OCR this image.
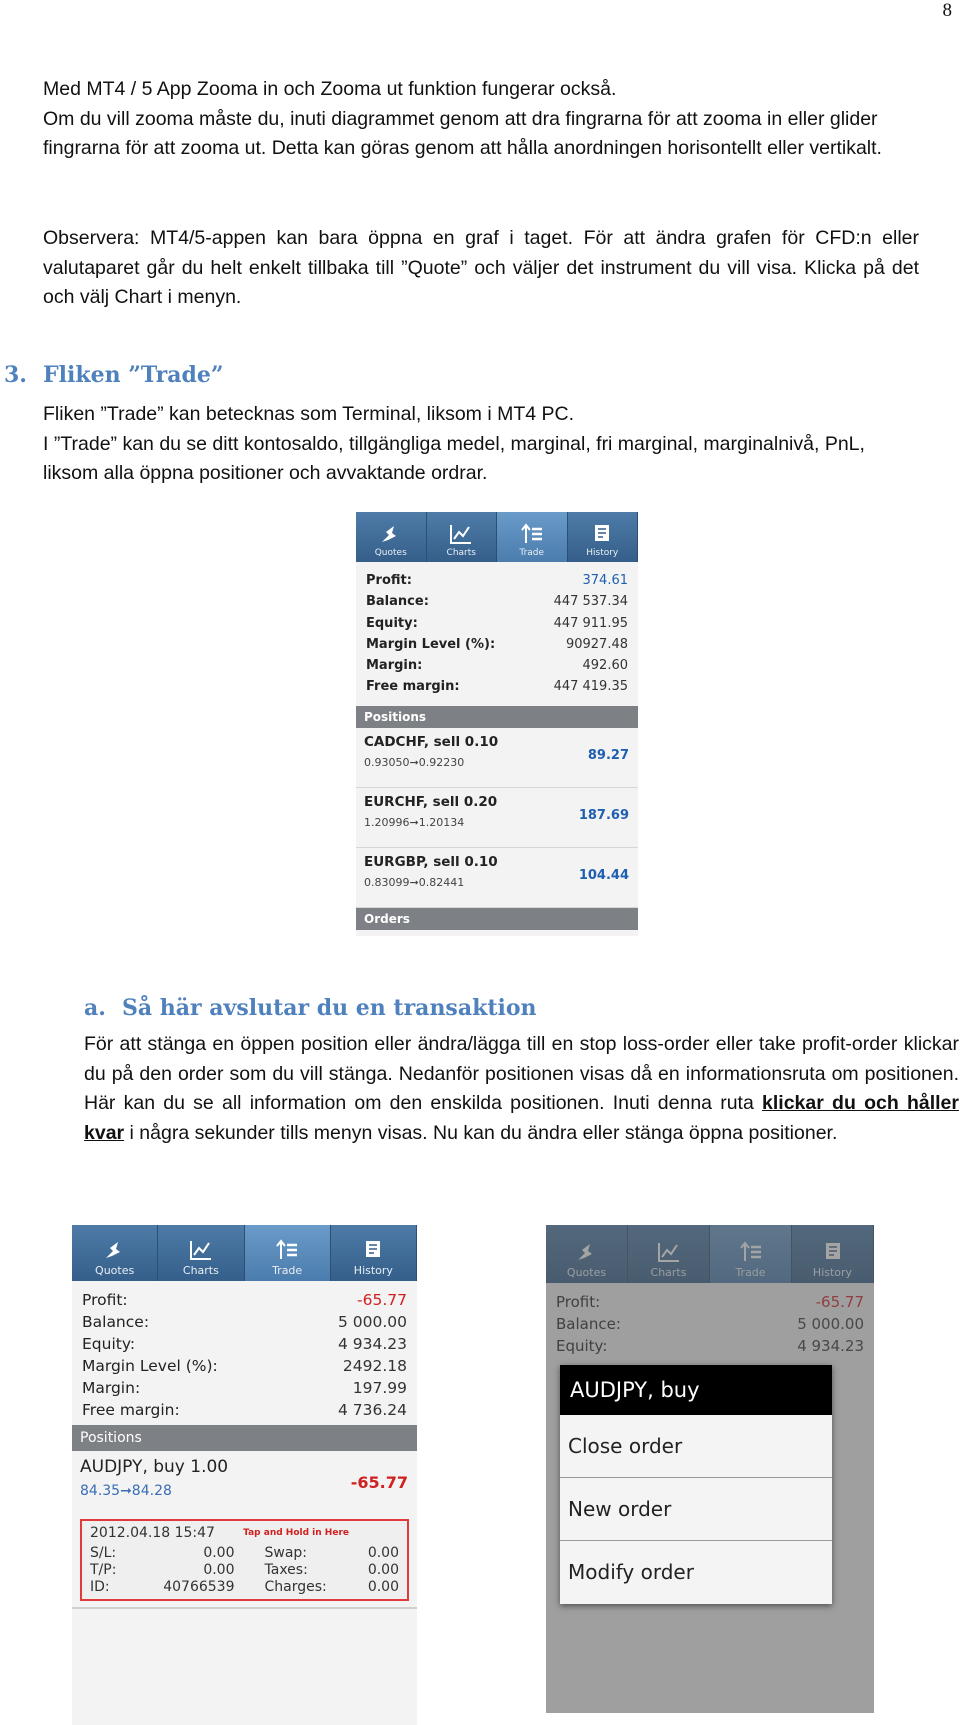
8

Med MT4 / 5 App Zooma in och Zooma ut funktion fungerar också.

Om du vill zooma måste du, inuti diagrammet genom att dra fingrarna för att zooma in eller glider fingrarna för att zooma ut. Detta kan göras genom att hålla anordningen horisontellt eller vertikalt.

Observera: MT4/5-appen kan bara öppna en graf i taget. För att ändra grafen för CFD:n eller valutaparet går du helt enkelt tillbaka till ”Quote” och väljer det instrument du vill visa. Klicka på det och välj Chart i menyn.

3. Fliken ”Trade”

Fliken ”Trade” kan betecknas som Terminal, liksom i MT4 PC.

I ”Trade” kan du se ditt kontosaldo, tillgängliga medel, marginal, fri marginal, marginalnivå, PnL, liksom alla öppna positioner och avvaktande ordrar.

Quotes	Charts	Trade	History
Profit:	374.61
Balance:	447 537.34
Equity:	447 911.95
Margin Level (%):	90927.48
Margin:	492.60
Free margin:	447 419.35
Positions
CADCHF, sell 0.10
0.93050➞0.92230	89.27
EURCHF, sell 0.20
1.20996➞1.20134	187.69
EURGBP, sell 0.10
0.83099➞0.82441	104.44
Orders
a. Så här avslutar du en transaktion

För att stänga en öppen position eller ändra/lägga till en stop loss-order eller take profit-order klickar du på den order som du vill stänga. Nedanför positionen visas då en informationsruta om positionen. Här kan du se all information om den enskilda positionen. Inuti denna ruta klickar du och håller kvar i några sekunder tills menyn visas. Nu kan du ändra eller stänga öppna positioner.

Quotes	Charts	Trade	History
Profit:	-65.77
Balance:	5 000.00
Equity:	4 934.23
Margin Level (%):	2492.18
Margin:	197.99
Free margin:	4 736.24
Positions
AUDJPY, buy 1.00
84.35➞84.28	-65.77
2012.04.18 15:47	Tap and Hold in Here
S/L:	0.00 Swap:	0.00
T/P:	0.00 Taxes:	0.00
ID:	40766539 Charges:	0.00
AUDJPY, buy
Close order
New order
Modify order
